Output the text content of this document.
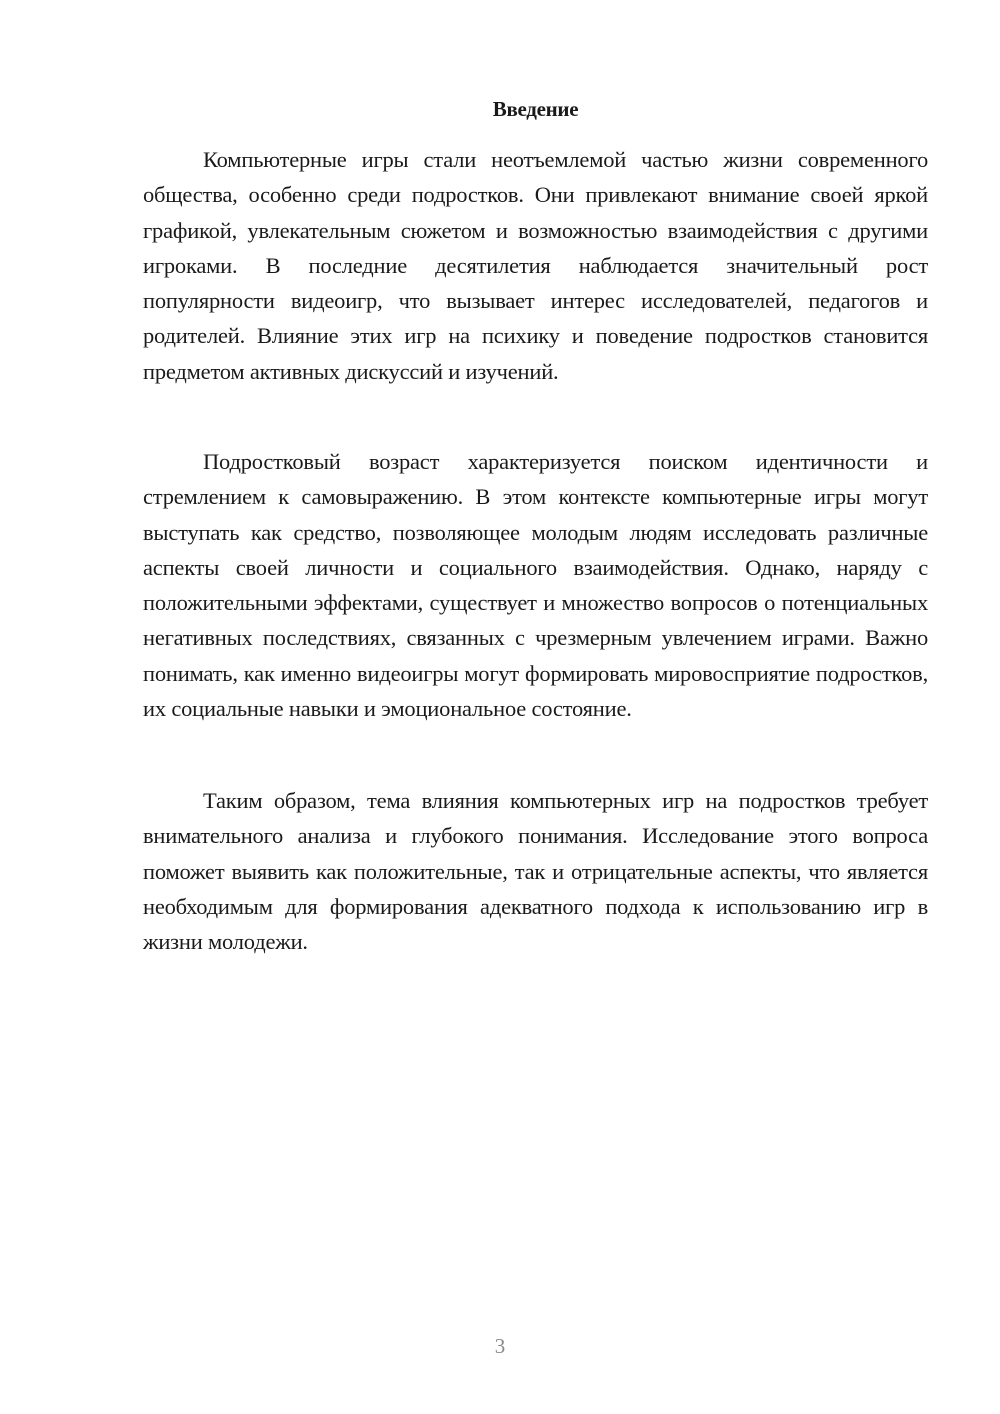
Введение

Компьютерные игры стали неотъемлемой частью жизни современного общества, особенно среди подростков. Они привлекают внимание своей яркой графикой, увлекательным сюжетом и возможностью взаимодействия с другими игроками. В последние десятилетия наблюдается значительный рост популярности видеоигр, что вызывает интерес исследователей, педагогов и родителей. Влияние этих игр на психику и поведение подростков становится предметом активных дискуссий и изучений.

Подростковый возраст характеризуется поиском идентичности и стремлением к самовыражению. В этом контексте компьютерные игры могут выступать как средство, позволяющее молодым людям исследовать различные аспекты своей личности и социального взаимодействия. Однако, наряду с положительными эффектами, существует и множество вопросов о потенциальных негативных последствиях, связанных с чрезмерным увлечением играми. Важно понимать, как именно видеоигры могут формировать мировосприятие подростков, их социальные навыки и эмоциональное состояние.

Таким образом, тема влияния компьютерных игр на подростков требует внимательного анализа и глубокого понимания. Исследование этого вопроса поможет выявить как положительные, так и отрицательные аспекты, что является необходимым для формирования адекватного подхода к использованию игр в жизни молодежи.

3
